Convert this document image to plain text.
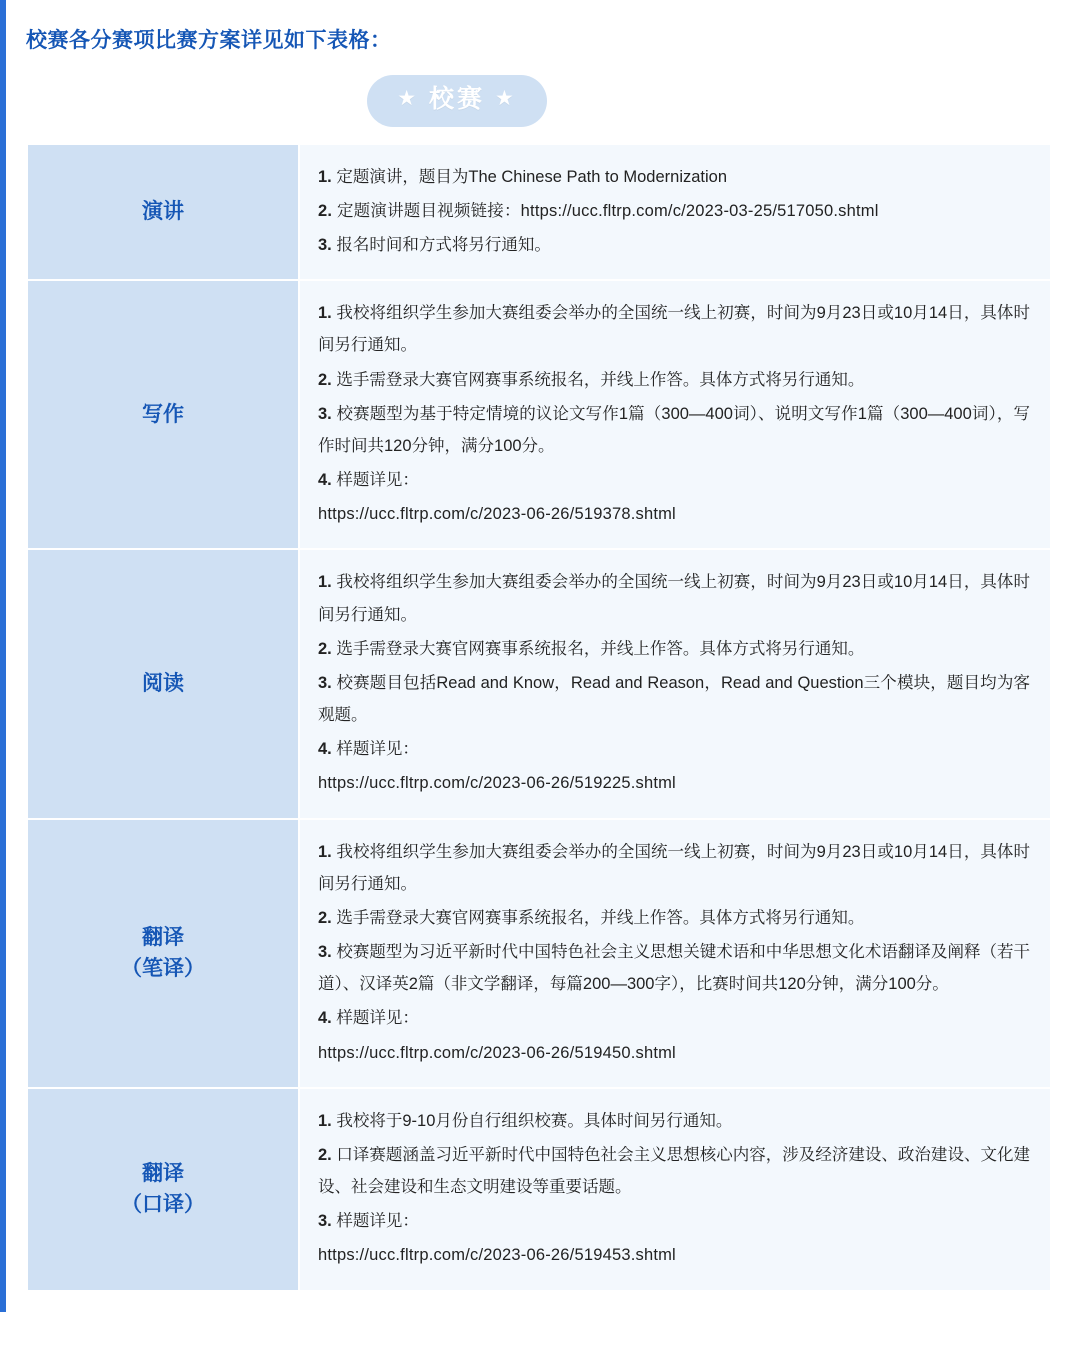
校赛各分赛项比赛方案详见如下表格：
★ 校赛 ★
演讲	1. 定题演讲，题目为The Chinese Path to Modernization
2. 定题演讲题目视频链接：https://ucc.fltrp.com/c/2023-03-25/517050.shtml
3. 报名时间和方式将另行通知。

写作	1. 我校将组织学生参加大赛组委会举办的全国统一线上初赛，时间为9月23日或10月14日，具体时间另行通知。
2. 选手需登录大赛官网赛事系统报名，并线上作答。具体方式将另行通知。
3. 校赛题型为基于特定情境的议论文写作1篇（300—400词）、说明文写作1篇（300—400词），写作时间共120分钟，满分100分。
4. 样题详见：
https://ucc.fltrp.com/c/2023-06-26/519378.shtml

阅读	1. 我校将组织学生参加大赛组委会举办的全国统一线上初赛，时间为9月23日或10月14日，具体时间另行通知。
2. 选手需登录大赛官网赛事系统报名，并线上作答。具体方式将另行通知。
3. 校赛题目包括Read and Know，Read and Reason，Read and Question三个模块，题目均为客观题。
4. 样题详见：
https://ucc.fltrp.com/c/2023-06-26/519225.shtml

翻译
（笔译）

1. 我校将组织学生参加大赛组委会举办的全国统一线上初赛，时间为9月23日或10月14日，具体时间另行通知。
2. 选手需登录大赛官网赛事系统报名，并线上作答。具体方式将另行通知。
3. 校赛题型为习近平新时代中国特色社会主义思想关键术语和中华思想文化术语翻译及阐释（若干道）、汉译英2篇（非文学翻译，每篇200—300字），比赛时间共120分钟，满分100分。
4. 样题详见：
https://ucc.fltrp.com/c/2023-06-26/519450.shtml

翻译
（口译）

1. 我校将于9-10月份自行组织校赛。具体时间另行通知。
2. 口译赛题涵盖习近平新时代中国特色社会主义思想核心内容，涉及经济建设、政治建设、文化建设、社会建设和生态文明建设等重要话题。
3. 样题详见：
https://ucc.fltrp.com/c/2023-06-26/519453.shtml
